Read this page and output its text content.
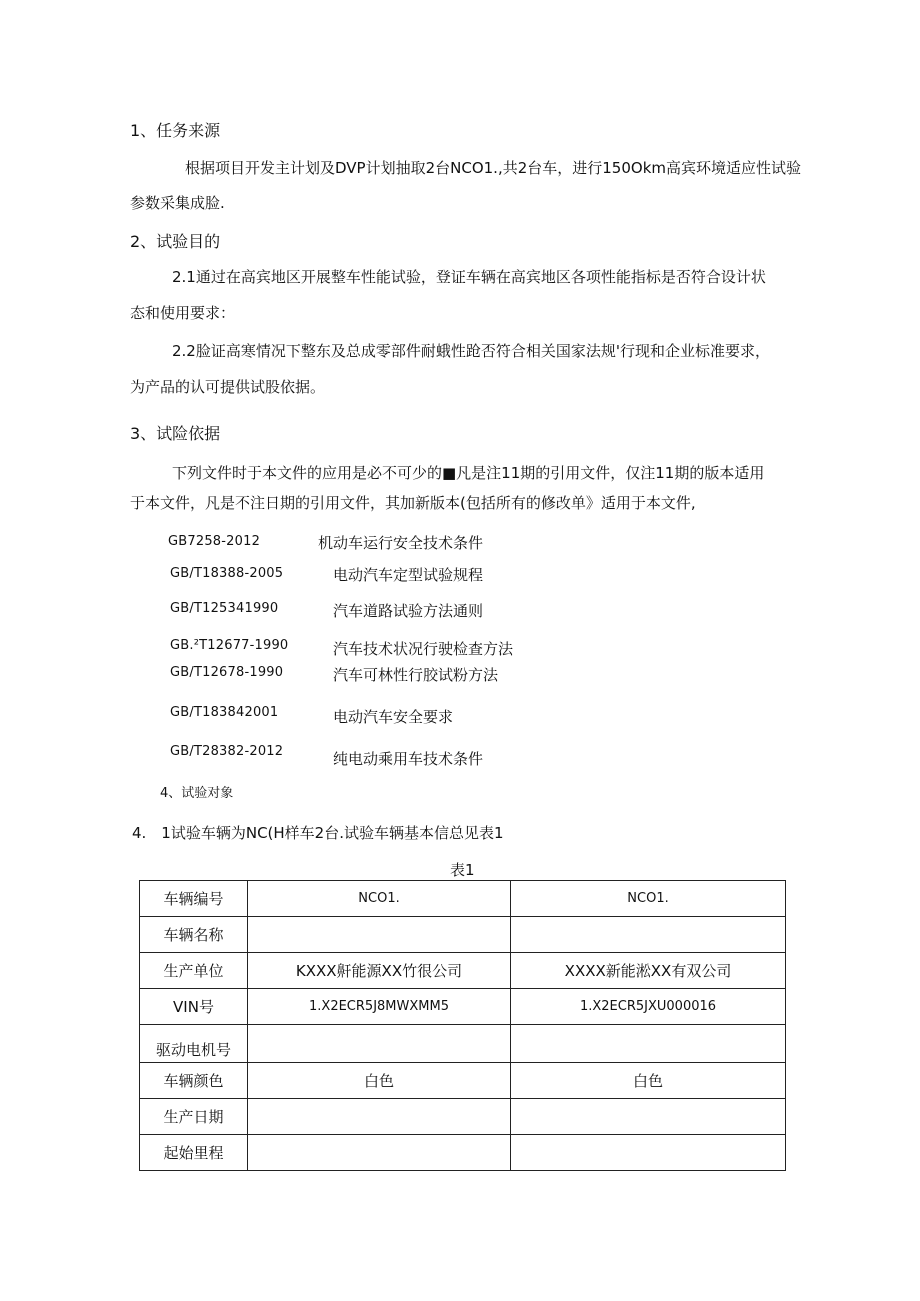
1、任务来源
根据项目开发主计划及DVP计划抽取2台NCO1.,共2台车，进行150Okm高宾环境适应性试验
参数采集成脸.
2、试验目的
2.1通过在高宾地区开展整车性能试验，登证车辆在高宾地区各项性能指标是否符合设计状
态和使用要求：
2.2脸证高寒情况下整东及总成零部件耐蛾性跄否符合相关国家法规'行现和企业标准要求，
为产品的认可提供试股依据。
3、试险依据
下列文件时于本文件的应用是必不可少的■凡是注11期的引用文件，仅注11期的版本适用
于本文件，凡是不注日期的引用文件，其加新版本(包括所有的修改单》适用于本文件,
GB7258-2012	机动车运行安全技术条件
GB/T18388-2005	电动汽车定型试验规程
GB/T125341990	汽车道路试验方法通则
GB.²T12677-1990	汽车技术状况行驶检查方法
GB/T12678-1990	汽车可林性行胶试粉方法
GB/T183842001	电动汽车安全要求
GB/T28382-2012	纯电动乘用车技术条件
4、试验对象
4.　1试验车辆为NC(H样车2台.试验车辆基本信总见表1
表1
车辆编号	NCO1.	NCO1.
车辆名称		
生产单位	KXXX鼾能源XX竹很公司	XXXX新能淞XX有双公司
VIN号	1.X2ECR5J8MWXMM5	1.X2ECR5JXU000016
驱动电机号		
车辆颜色	白色	白色
生产日期		
起始里程		
